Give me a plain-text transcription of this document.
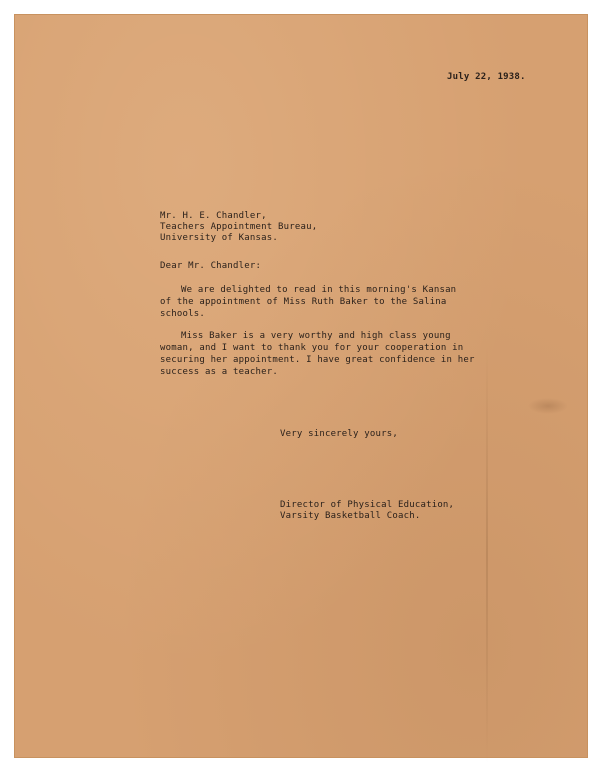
July 22, 1938.
Mr. H. E. Chandler,
Teachers Appointment Bureau,
University of Kansas.
Dear Mr. Chandler:
We are delighted to read in this morning's Kansan
of the appointment of Miss Ruth Baker to the Salina
schools.
Miss Baker is a very worthy and high class young
woman, and I want to thank you for your cooperation in
securing her appointment. I have great confidence in her
success as a teacher.
Very sincerely yours,
Director of Physical Education,
Varsity Basketball Coach.
